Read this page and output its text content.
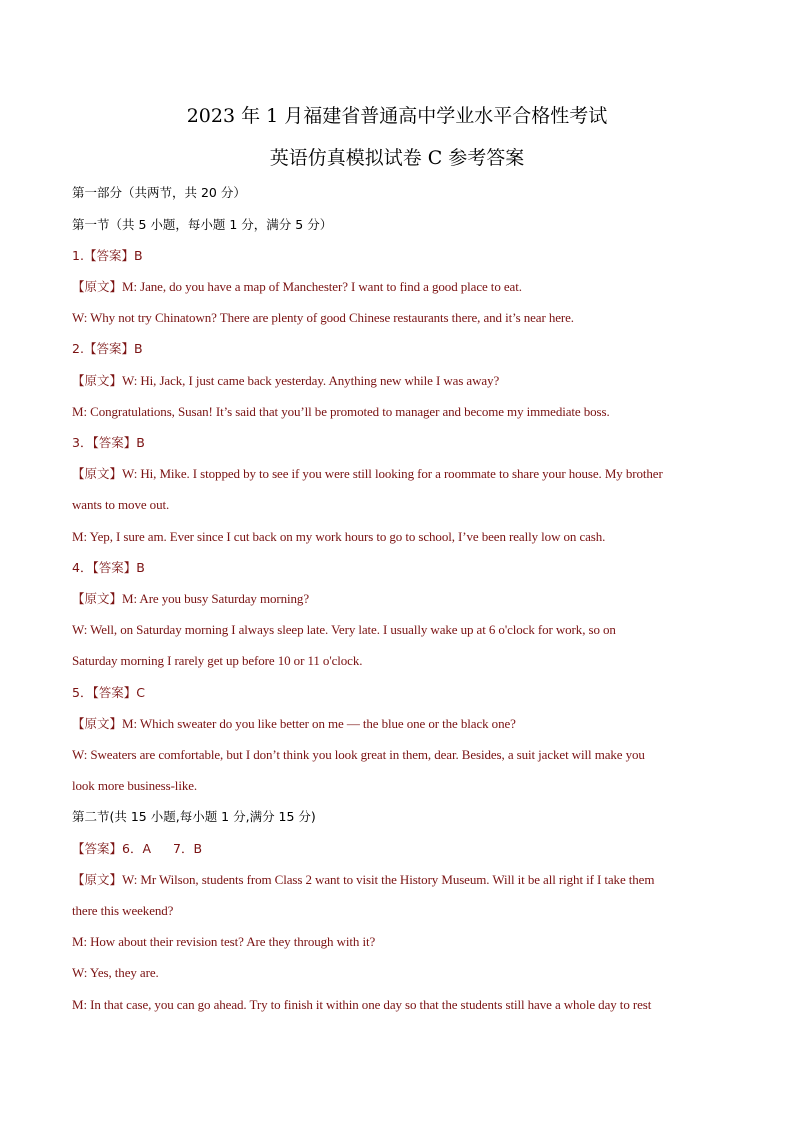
2023 年 1 月福建省普通高中学业水平合格性考试
英语仿真模拟试卷 C 参考答案
第一部分（共两节，共 20 分）
第一节（共 5 小题，每小题 1 分，满分 5 分）
1.【答案】B
【原文】M: Jane, do you have a map of Manchester? I want to find a good place to eat.
W: Why not try Chinatown? There are plenty of good Chinese restaurants there, and it’s near here.
2.【答案】B
【原文】W: Hi, Jack, I just came back yesterday. Anything new while I was away?
M: Congratulations, Susan! It’s said that you’ll be promoted to manager and become my immediate boss.
3．【答案】B
【原文】W: Hi, Mike. I stopped by to see if you were still looking for a roommate to share your house. My brother
wants to move out.
M: Yep, I sure am. Ever since I cut back on my work hours to go to school, I’ve been really low on cash.
4．【答案】B
【原文】M: Are you busy Saturday morning?
W: Well, on Saturday morning I always sleep late. Very late. I usually wake up at 6 o'clock for work, so on
Saturday morning I rarely get up before 10 or 11 o'clock.
5．【答案】C
【原文】M: Which sweater do you like better on me — the blue one or the black one?
W: Sweaters are comfortable, but I don’t think you look great in them, dear. Besides, a suit jacket will make you
look more business-like.
第二节(共 15 小题,每小题 1 分,满分 15 分)
【答案】6．A 7．B
【原文】W: Mr Wilson, students from Class 2 want to visit the History Museum. Will it be all right if I take them
there this weekend?
M: How about their revision test? Are they through with it?
W: Yes, they are.
M: In that case, you can go ahead. Try to finish it within one day so that the students still have a whole day to rest
